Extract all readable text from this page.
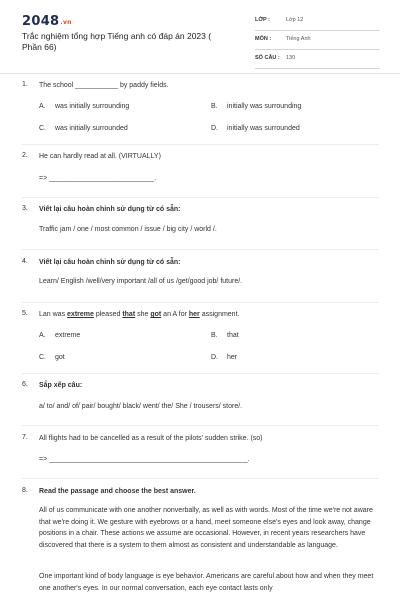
2048.vn
Trắc nghiệm tổng hợp Tiếng anh có đáp án 2023 ( Phần 66)
LỚP :	Lớp 12
MÔN :	Tiếng Anh
SỐ CÂU : 130
1. The school ___________ by paddy fields.
A. was initially surrounding	B. initially was surrounding
C. was initially surrounded	D. initially was surrounded
2. He can hardly read at all. (VIRTUALLY)
=> ___________________________.
3. Viết lại câu hoàn chỉnh sử dụng từ có sẵn:
Traffic jam / one / most common / issue / big city / world /.
4. Viết lại câu hoàn chỉnh sử dụng từ có sẵn:
Learn/ English /well/very important /all of us /get/good job/ future/.
5. Lan was extreme pleased that she got an A for her assignment.
A. extreme	B. that
C. got	D. her
6. Sắp xếp câu:
a/ to/ and/ of/ pair/ bought/ black/ went/ the/ She / trousers/ store/.
7. All flights had to be cancelled as a result of the pilots' sudden strike. (so)
=> ___________________________________________________.
8. Read the passage and choose the best answer.
All of us communicate with one another nonverbally, as well as with words. Most of the time we're not aware that we're doing it. We gesture with eyebrows or a hand, meet someone else's eyes and look away, change positions in a chair. These actions we assume are occasional. However, in recent years researchers have discovered that there is a system to them almost as consistent and understandable as language.
One important kind of body language is eye behavior. Americans are careful about how and when they meet one another's eyes. In our normal conversation, each eye contact lasts only
